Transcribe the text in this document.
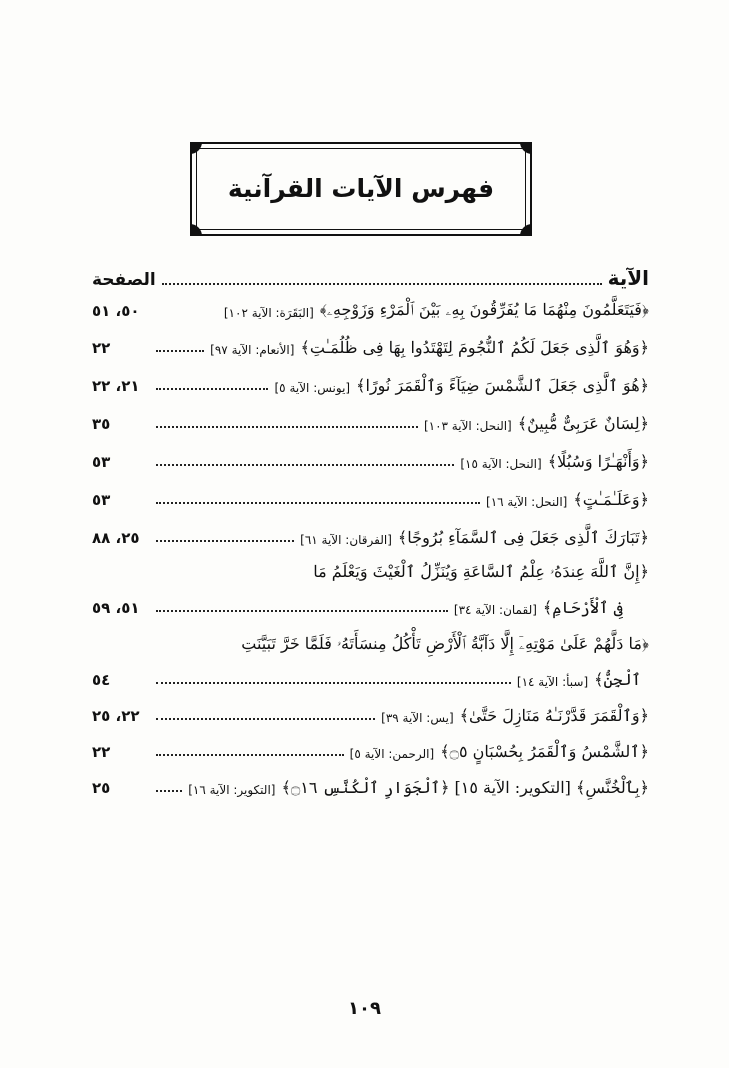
فهرس الآيات القرآنية
الآية
الصفحة
﴿فَيَتَعَلَّمُونَ مِنْهُمَا مَا يُفَرِّقُونَ بِهِۦ بَيْنَ ٱلْمَرْءِ وَزَوْجِهِۦ﴾
[البَقَرَة: الآية ١٠٢]
٥٠، ٥١
﴿وَهُوَ ٱلَّذِى جَعَلَ لَكُمُ ٱلنُّجُومَ لِتَهْتَدُوا بِهَا فِى ظُلُمَـٰتِ﴾
[الأنعام: الآية ٩٧]
٢٢
﴿هُوَ ٱلَّذِى جَعَلَ ٱلشَّمْسَ ضِيَآءً وَٱلْقَمَرَ نُورًا﴾
[يونس: الآية ٥]
٢١، ٢٢
﴿لِسَانٌ عَرَبِىٌّ مُّبِينٌ﴾
[النحل: الآية ١٠٣]
٣٥
﴿وَأَنْهَـٰرًا وَسُبُلًا﴾
[النحل: الآية ١٥]
٥٣
﴿وَعَلَـٰمَـٰتٍ﴾
[النحل: الآية ١٦]
٥٣
﴿تَبَارَكَ ٱلَّذِى جَعَلَ فِى ٱلسَّمَآءِ بُرُوجًا﴾
[الفرقان: الآية ٦١]
٢٥، ٨٨
﴿إِنَّ ٱللَّهَ عِندَهُۥ عِلْمُ ٱلسَّاعَةِ وَيُنَزِّلُ ٱلْغَيْثَ وَيَعْلَمُ مَا
فِى ٱلْأَرْحَامِ﴾
[لقمان: الآية ٣٤]
٥١، ٥٩
﴿مَا دَلَّهُمْ عَلَىٰ مَوْتِهِۦٓ إِلَّا دَآبَّةُ ٱلْأَرْضِ تَأْكُلُ مِنسَأَتَهُۥ فَلَمَّا خَرَّ تَبَيَّنَتِ
ٱلْجِنُّ﴾
[سبأ: الآية ١٤]
٥٤
﴿وَٱلْقَمَرَ قَدَّرْنَـٰهُ مَنَازِلَ حَتَّىٰ﴾
[يس: الآية ٣٩]
٢٢، ٢٥
﴿ٱلشَّمْسُ وَٱلْقَمَرُ بِحُسْبَانٍ ۝٥﴾
[الرحمن: الآية ٥]
٢٢
﴿بِٱلْخُنَّسِ﴾ [التكوير: الآية ١٥] ﴿ٱلْجَوَارِ ٱلْكُنَّسِ ۝١٦﴾
[التكوير: الآية ١٦]
٢٥
١٠٩
